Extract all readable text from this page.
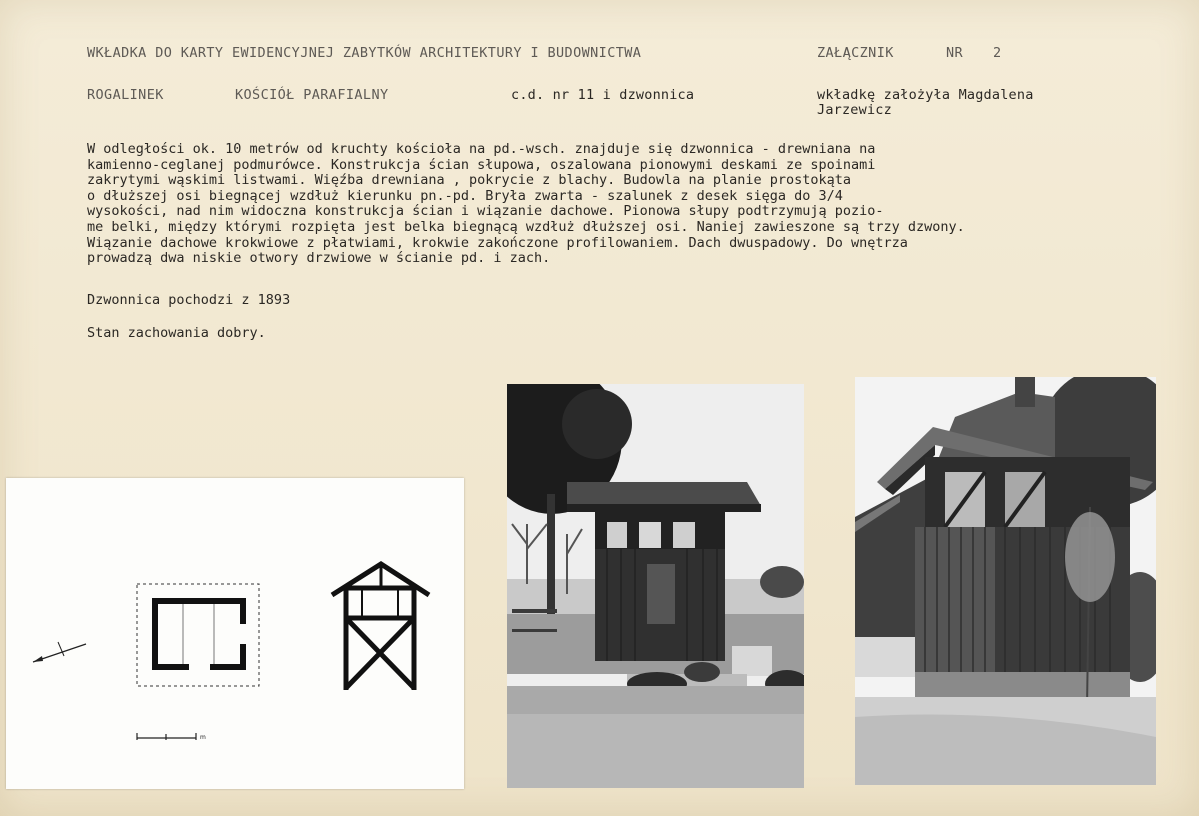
WKŁADKA DO KARTY EWIDENCYJNEJ ZABYTKÓW ARCHITEKTURY I BUDOWNICTWA	ZAŁĄCZNIK	NR 2
ROGALINEK	KOŚCIÓŁ PARAFIALNY	c.d. nr 11 i dzwonnica	wkładkę założyła Magdalena
Jarzewicz
W odległości ok. 10 metrów od kruchty kościoła na pd.-wsch. znajduje się dzwonnica - drewniana na
kamienno-ceglanej podmurówce. Konstrukcja ścian słupowa, oszalowana pionowymi deskami ze spoinami
zakrytymi wąskimi listwami. Więźba drewniana , pokrycie z blachy. Budowla na planie prostokąta
o dłuższej osi biegnącej wzdłuż kierunku pn.-pd. Bryła zwarta - szalunek z desek sięga do 3/4
wysokości, nad nim widoczna konstrukcja ścian i wiązanie dachowe. Pionowa słupy podtrzymują pozio-
me belki, między którymi rozpięta jest belka biegnącą wzdłuż dłuższej osi. Naniej zawieszone są trzy dzwony.
Wiązanie dachowe krokwiowe z płatwiami, krokwie zakończone profilowaniem. Dach dwuspadowy. Do wnętrza
prowadzą dwa niskie otwory drzwiowe w ścianie pd. i zach.
Dzwonnica pochodzi z 1893
Stan zachowania dobry.
m
